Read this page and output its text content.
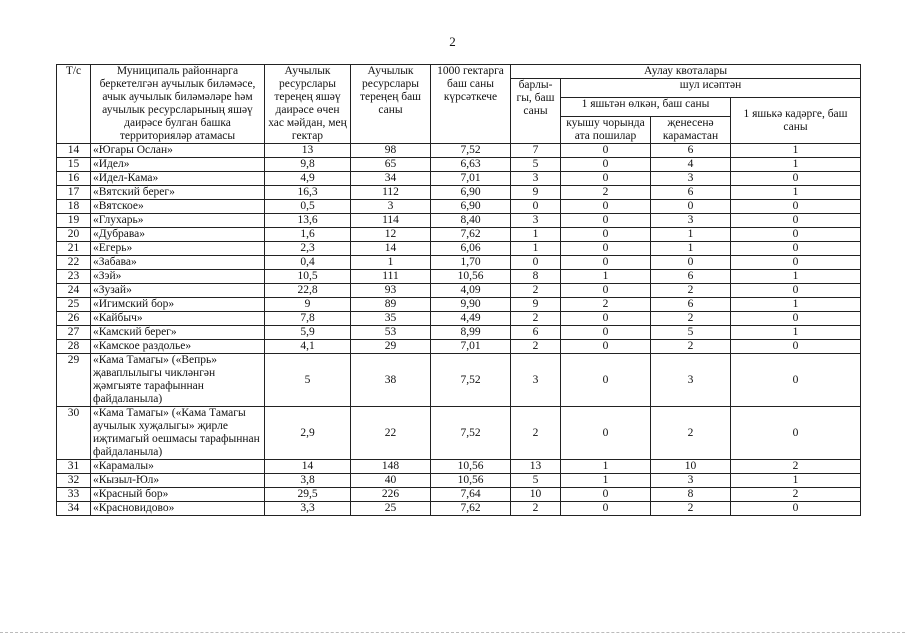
2
Т/с	Муниципаль районнарга беркетелгән аучылык биләмәсе, ачык аучылык биләмәләре һәм аучылык ресурсларының яшәү даирәсе булган башка территорияләр атамасы	Аучылык ресурслары тереңең яшәү даирәсе өчен хас мәйдан, мең гектар	Аучылык ресурслары тереңең баш саны	1000 гектарга баш саны күрсәткече	Аулау квоталары			
					барлы-гы, баш саны	шул исәптән		
						1 яшьтән өлкән, баш саны		1 яшькә кадәрге, баш саны
						куышу чорында ата пошилар	җенесенә карамастан	
14	«Югары Ослан»	13	98	7,52	7	0	6	1
15	«Идел»	9,8	65	6,63	5	0	4	1
16	«Идел-Кама»	4,9	34	7,01	3	0	3	0
17	«Вятский берег»	16,3	112	6,90	9	2	6	1
18	«Вятское»	0,5	3	6,90	0	0	0	0
19	«Глухарь»	13,6	114	8,40	3	0	3	0
20	«Дубрава»	1,6	12	7,62	1	0	1	0
21	«Егерь»	2,3	14	6,06	1	0	1	0
22	«Забава»	0,4	1	1,70	0	0	0	0
23	«Зэй»	10,5	111	10,56	8	1	6	1
24	«Зузай»	22,8	93	4,09	2	0	2	0
25	«Игимский бор»	9	89	9,90	9	2	6	1
26	«Кайбыч»	7,8	35	4,49	2	0	2	0
27	«Камский берег»	5,9	53	8,99	6	0	5	1
28	«Камское раздолье»	4,1	29	7,01	2	0	2	0
29	«Кама Тамагы» («Вепрь» җаваплылыгы чикләнгән җәмгыяте тарафыннан файдаланыла)	5	38	7,52	3	0	3	0
30	«Кама Тамагы» («Кама Тамагы аучылык хуҗалыгы» җирле иҗтимагый оешмасы тарафыннан файдаланыла)	2,9	22	7,52	2	0	2	0
31	«Карамалы»	14	148	10,56	13	1	10	2
32	«Кызыл-Юл»	3,8	40	10,56	5	1	3	1
33	«Красный бор»	29,5	226	7,64	10	0	8	2
34	«Красновидово»	3,3	25	7,62	2	0	2	0
